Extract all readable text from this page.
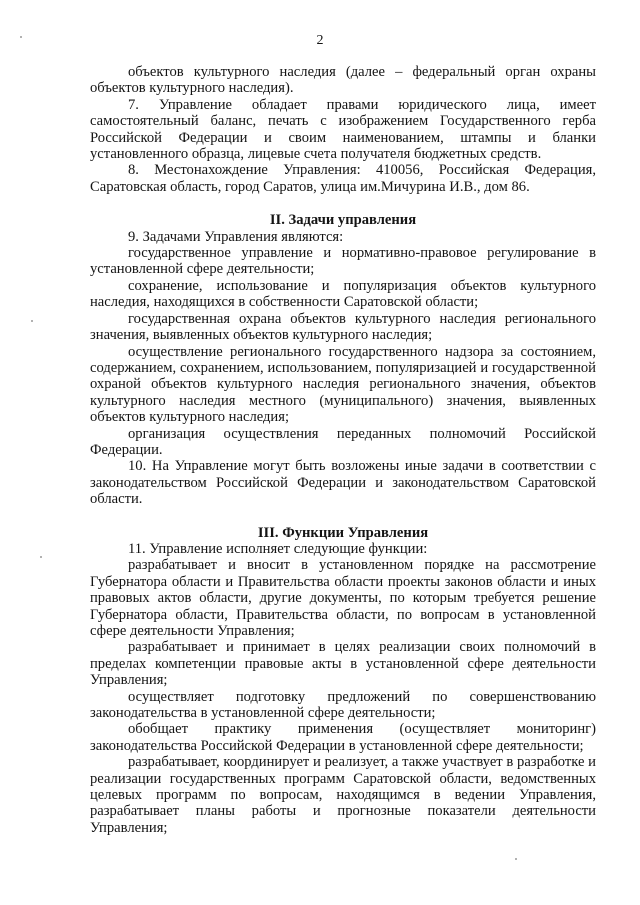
2

объектов культурного наследия (далее – федеральный орган охраны объектов культурного наследия).

7. Управление обладает правами юридического лица, имеет самостоятельный баланс, печать с изображением Государственного герба Российской Федерации и своим наименованием, штампы и бланки установленного образца, лицевые счета получателя бюджетных средств.

8. Местонахождение Управления: 410056, Российская Федерация, Саратовская область, город Саратов, улица им.Мичурина И.В., дом 86.

II. Задачи управления

9. Задачами Управления являются:

государственное управление и нормативно-правовое регулирование в установленной сфере деятельности;

сохранение, использование и популяризация объектов культурного наследия, находящихся в собственности Саратовской области;

государственная охрана объектов культурного наследия регионального значения, выявленных объектов культурного наследия;

осуществление регионального государственного надзора за состоянием, содержанием, сохранением, использованием, популяризацией и государственной охраной объектов культурного наследия регионального значения, объектов культурного наследия местного (муниципального) значения, выявленных объектов культурного наследия;

организация осуществления переданных полномочий Российской Федерации.

10. На Управление могут быть возложены иные задачи в соответствии с законодательством Российской Федерации и законодательством Саратовской области.

III. Функции Управления

11. Управление исполняет следующие функции:

разрабатывает и вносит в установленном порядке на рассмотрение Губернатора области и Правительства области проекты законов области и иных правовых актов области, другие документы, по которым требуется решение Губернатора области, Правительства области, по вопросам в установленной сфере деятельности Управления;

разрабатывает и принимает в целях реализации своих полномочий в пределах компетенции правовые акты в установленной сфере деятельности Управления;

осуществляет подготовку предложений по совершенствованию законодательства в установленной сфере деятельности;

обобщает практику применения (осуществляет мониторинг) законодательства Российской Федерации в установленной сфере деятельности;

разрабатывает, координирует и реализует, а также участвует в разработке и реализации государственных программ Саратовской области, ведомственных целевых программ по вопросам, находящимся в ведении Управления, разрабатывает планы работы и прогнозные показатели деятельности Управления;
